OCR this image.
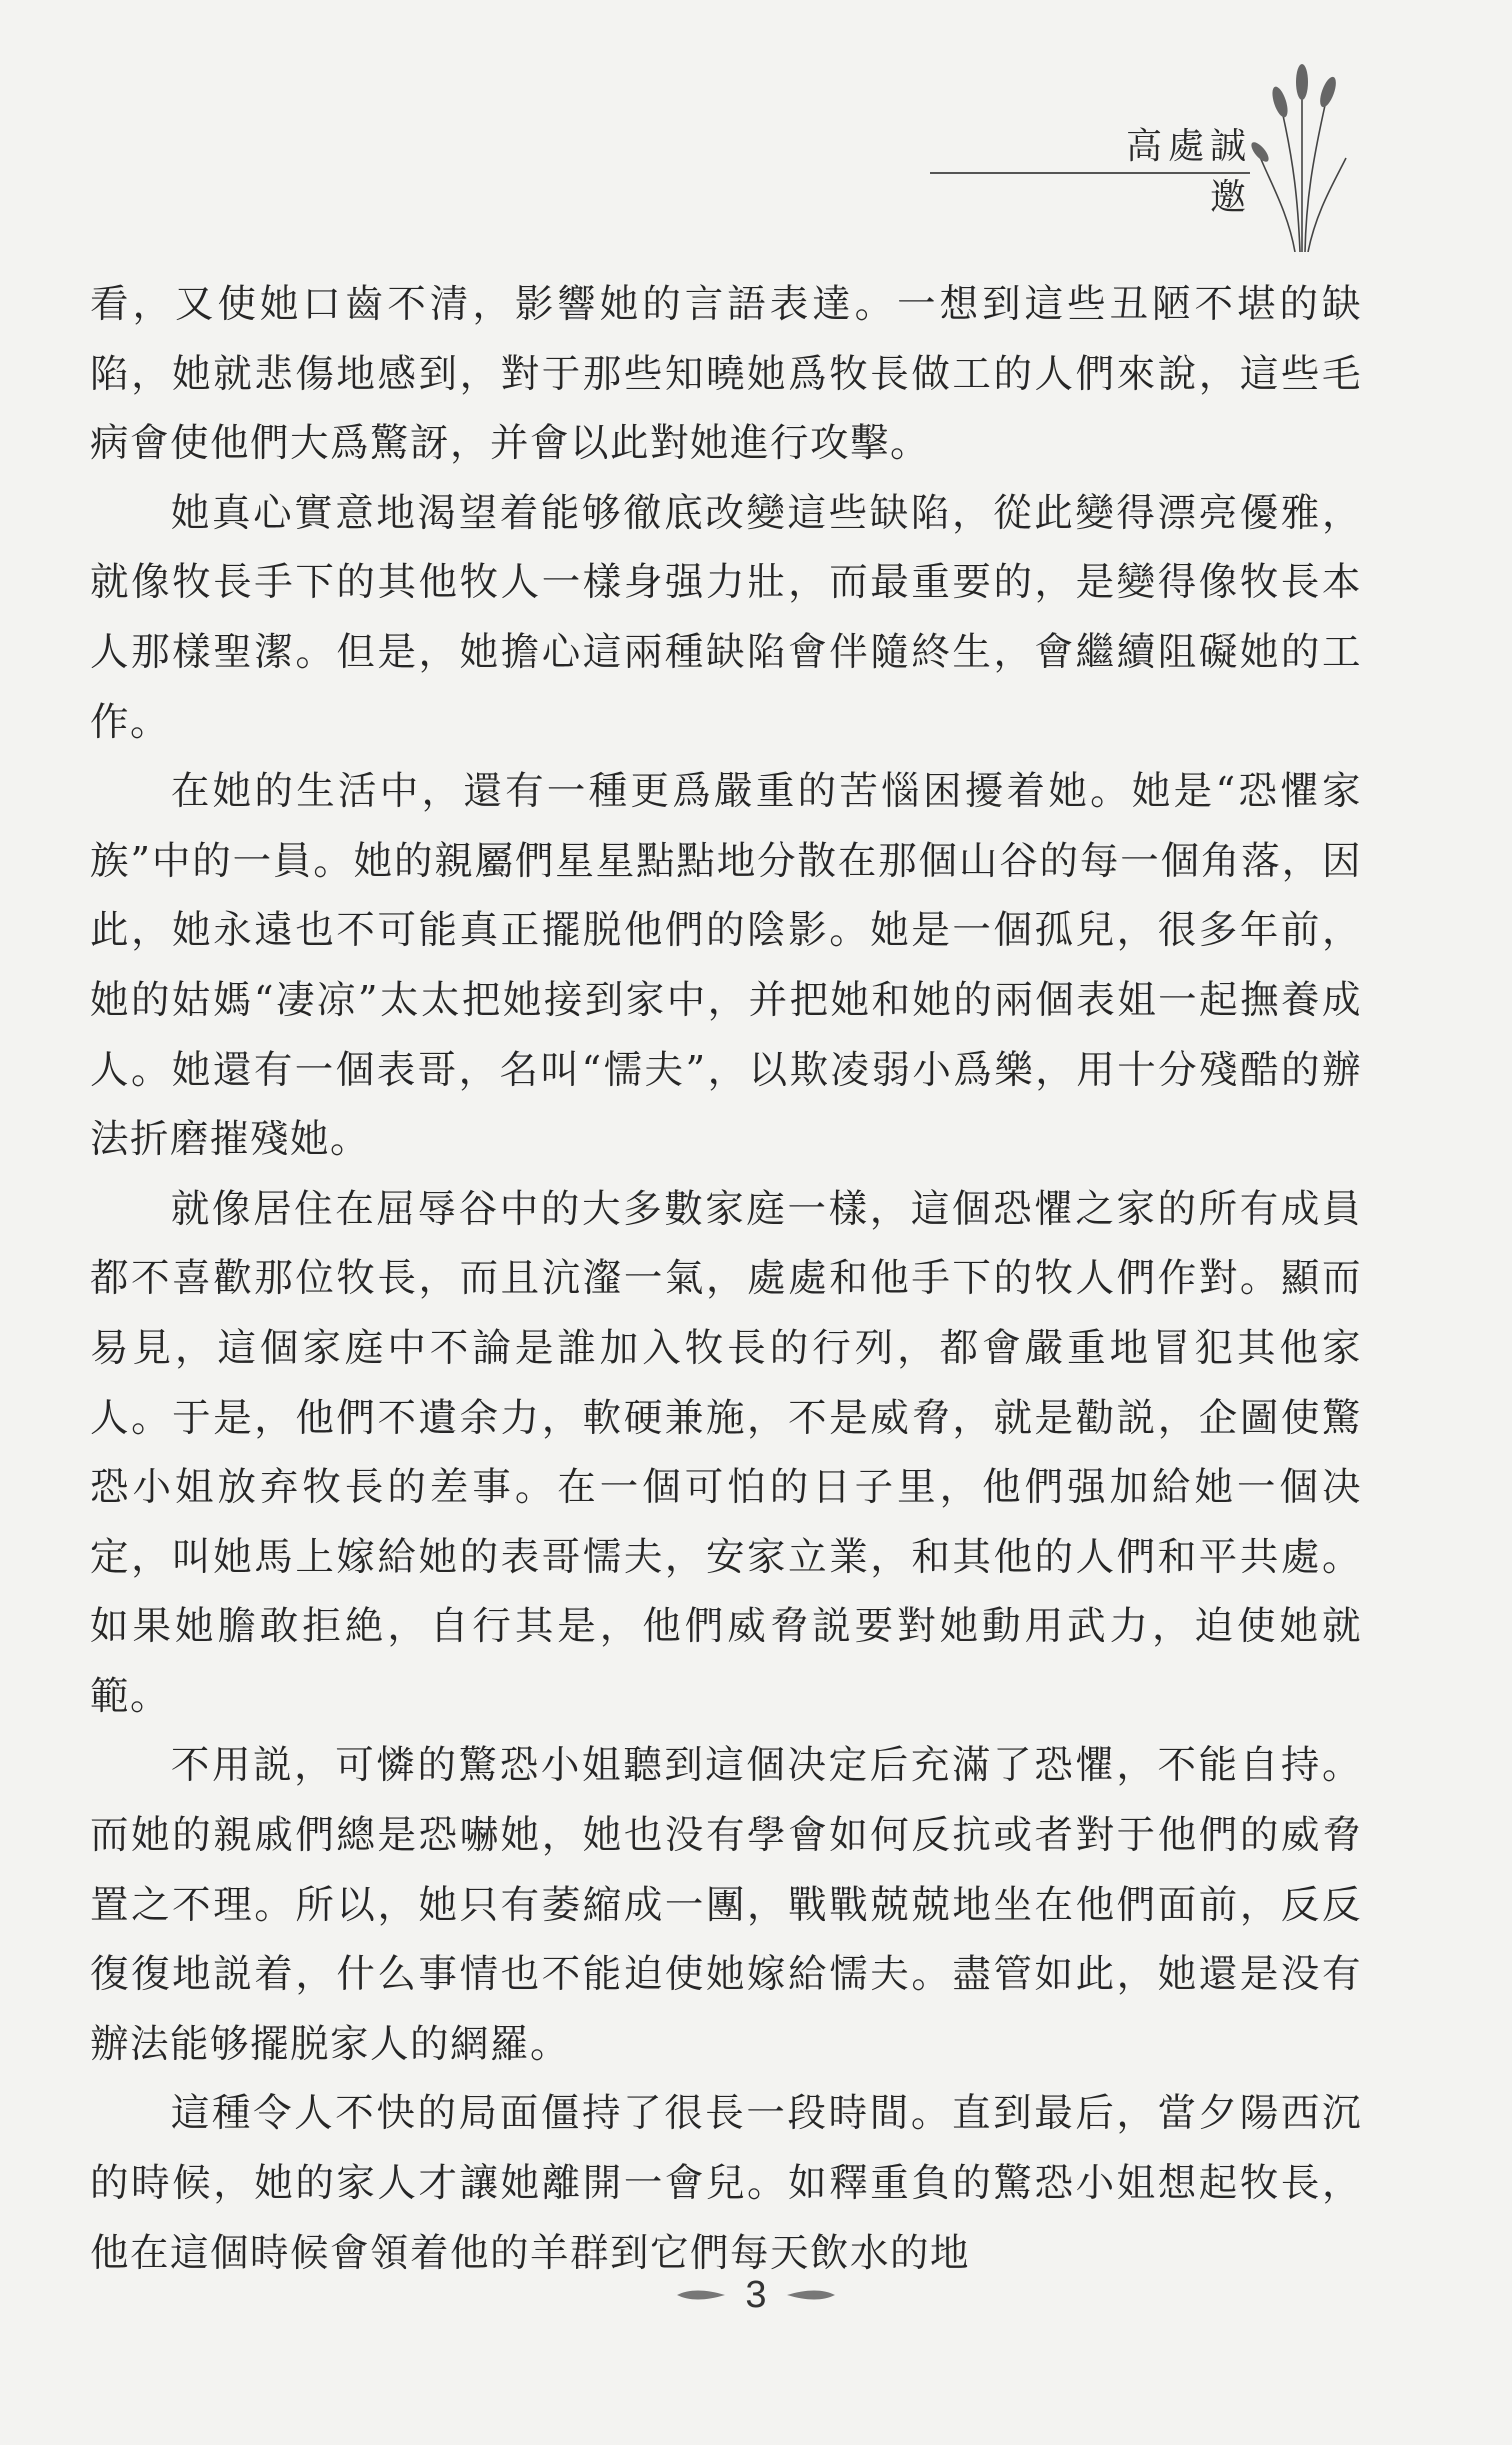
高處誠邀

看，又使她口齒不清，影響她的言語表達。一想到這些丑陋不堪的缺陷，她就悲傷地感到，對于那些知曉她爲牧長做工的人們來說，這些毛病會使他們大爲驚訝，并會以此對她進行攻擊。

她真心實意地渴望着能够徹底改變這些缺陷，從此變得漂亮優雅，就像牧長手下的其他牧人一樣身强力壯，而最重要的，是變得像牧長本人那樣聖潔。但是，她擔心這兩種缺陷會伴隨終生，會繼續阻礙她的工作。

在她的生活中，還有一種更爲嚴重的苦惱困擾着她。她是“恐懼家族”中的一員。她的親屬們星星點點地分散在那個山谷的每一個角落，因此，她永遠也不可能真正擺脱他們的陰影。她是一個孤兒，很多年前，她的姑媽“凄凉”太太把她接到家中，并把她和她的兩個表姐一起撫養成人。她還有一個表哥，名叫“懦夫”，以欺凌弱小爲樂，用十分殘酷的辦法折磨摧殘她。

就像居住在屈辱谷中的大多數家庭一樣，這個恐懼之家的所有成員都不喜歡那位牧長，而且沆瀣一氣，處處和他手下的牧人們作對。顯而易見，這個家庭中不論是誰加入牧長的行列，都會嚴重地冒犯其他家人。于是，他們不遺余力，軟硬兼施，不是威脅，就是勸説，企圖使驚恐小姐放弃牧長的差事。在一個可怕的日子里，他們强加給她一個决定，叫她馬上嫁給她的表哥懦夫，安家立業，和其他的人們和平共處。如果她膽敢拒絶，自行其是，他們威脅説要對她動用武力，迫使她就範。

不用説，可憐的驚恐小姐聽到這個决定后充滿了恐懼，不能自持。而她的親戚們總是恐嚇她，她也没有學會如何反抗或者對于他們的威脅置之不理。所以，她只有萎縮成一團，戰戰兢兢地坐在他們面前，反反復復地説着，什么事情也不能迫使她嫁給懦夫。盡管如此，她還是没有辦法能够擺脱家人的網羅。

這種令人不快的局面僵持了很長一段時間。直到最后，當夕陽西沉的時候，她的家人才讓她離開一會兒。如釋重負的驚恐小姐想起牧長，他在這個時候會領着他的羊群到它們每天飲水的地

3
